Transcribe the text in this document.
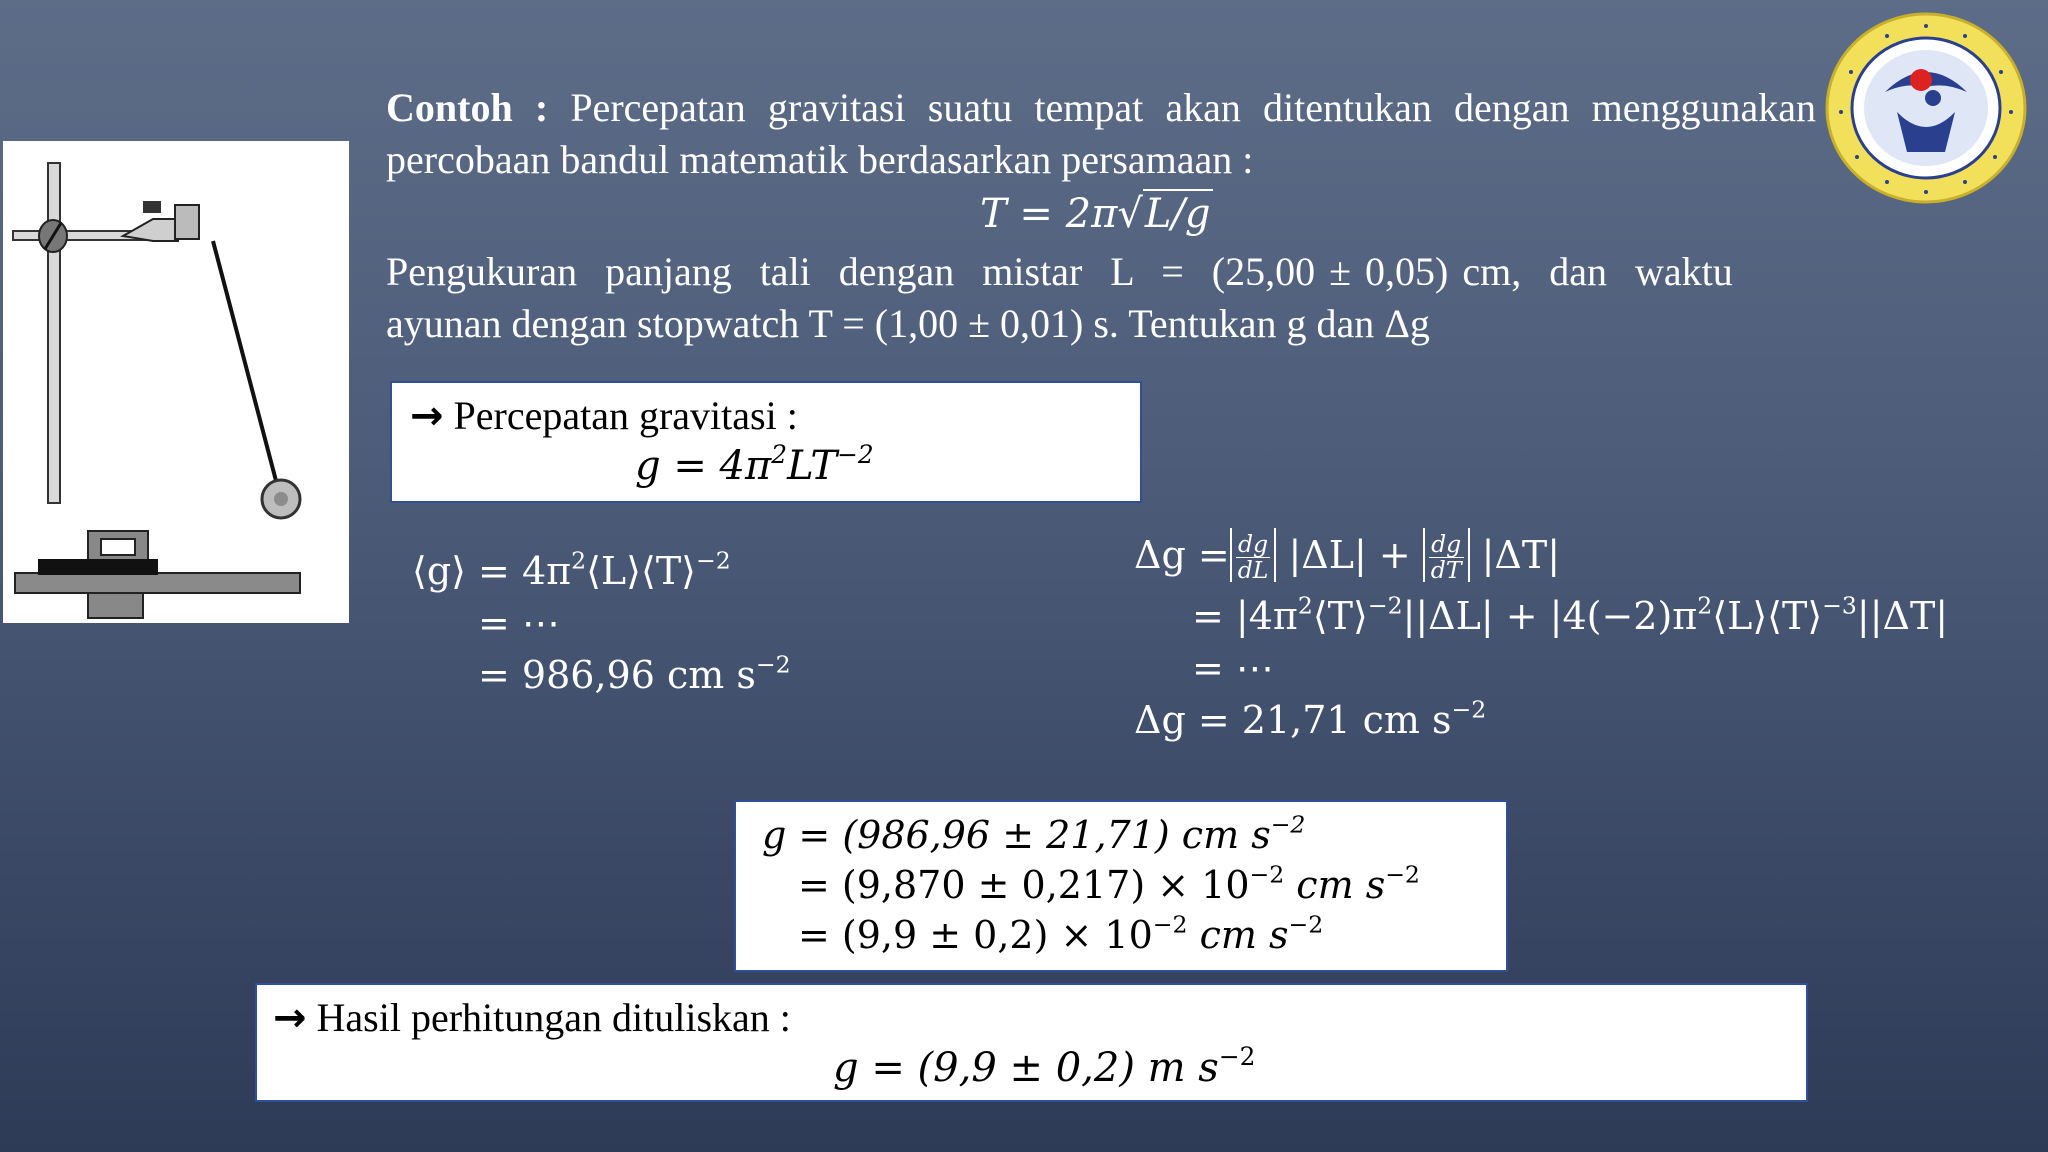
Contoh : Percepatan gravitasi suatu tempat akan ditentukan dengan menggunakan

percobaan bandul matematik berdasarkan persamaan :

T = 2π√L/g

Pengukuran  panjang  tali  dengan  mistar  L  =  (25,00 ± 0,05) cm,  dan  waktu

ayunan dengan stopwatch T = (1,00 ± 0,01) s. Tentukan g dan Δg

→ Percepatan gravitasi :
$g = 4\pi^2LT^{-2}$
⟨g⟩ = $4\pi^2⟨L⟩⟨T⟩^{-2}$
= ⋯
= 986,96 cm $s^{-2}$
$\Delta g = \frac{dg}{dL} |\Delta L| + \frac{dg}{dT} |\Delta T|$
= $|4\pi^2⟨T⟩^{-2}||\Delta L|$ + $|4(-2)\pi^2⟨L⟩⟨T⟩^{-3}||\Delta T|$
= ⋯
Δg = 21,71 cm $s^{-2}$
g = (986,96 ± 21,71) cm $s^{-2}$
= $(9,870 \pm 0,217) \times 10^{-2}$ cm $s^{-2}$
= $(9,9 \pm 0,2) \times 10^{-2}$ cm $s^{-2}$
→ Hasil perhitungan dituliskan :
g = (9,9 ± 0,2) m $s^{-2}$
